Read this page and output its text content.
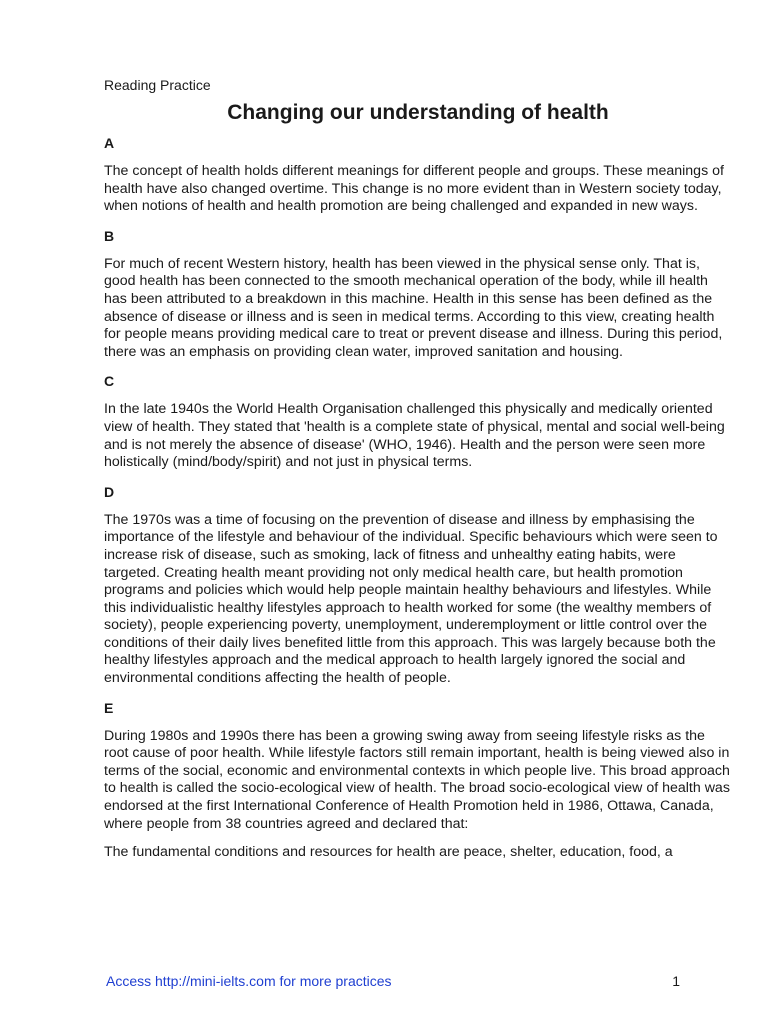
Reading Practice
Changing our understanding of health
A

The concept of health holds different meanings for different people and groups. These meanings of health have also changed overtime. This change is no more evident than in Western society today, when notions of health and health promotion are being challenged and expanded in new ways.

B

For much of recent Western history, health has been viewed in the physical sense only. That is, good health has been connected to the smooth mechanical operation of the body, while ill health has been attributed to a breakdown in this machine. Health in this sense has been defined as the absence of disease or illness and is seen in medical terms. According to this view, creating health for people means providing medical care to treat or prevent disease and illness. During this period, there was an emphasis on providing clean water, improved sanitation and housing.

C

In the late 1940s the World Health Organisation challenged this physically and medically oriented view of health. They stated that 'health is a complete state of physical, mental and social well-being and is not merely the absence of disease' (WHO, 1946). Health and the person were seen more holistically (mind/body/spirit) and not just in physical terms.

D

The 1970s was a time of focusing on the prevention of disease and illness by emphasising the importance of the lifestyle and behaviour of the individual. Specific behaviours which were seen to increase risk of disease, such as smoking, lack of fitness and unhealthy eating habits, were targeted. Creating health meant providing not only medical health care, but health promotion programs and policies which would help people maintain healthy behaviours and lifestyles. While this individualistic healthy lifestyles approach to health worked for some (the wealthy members of society), people experiencing poverty, unemployment, underemployment or little control over the conditions of their daily lives benefited little from this approach. This was largely because both the healthy lifestyles approach and the medical approach to health largely ignored the social and environmental conditions affecting the health of people.

E

During 1980s and 1990s there has been a growing swing away from seeing lifestyle risks as the root cause of poor health. While lifestyle factors still remain important, health is being viewed also in terms of the social, economic and environmental contexts in which people live. This broad approach to health is called the socio-ecological view of health. The broad socio-ecological view of health was endorsed at the first International Conference of Health Promotion held in 1986, Ottawa, Canada, where people from 38 countries agreed and declared that:

The fundamental conditions and resources for health are peace, shelter, education, food, a

Access http://mini-ielts.com for more practices	1
